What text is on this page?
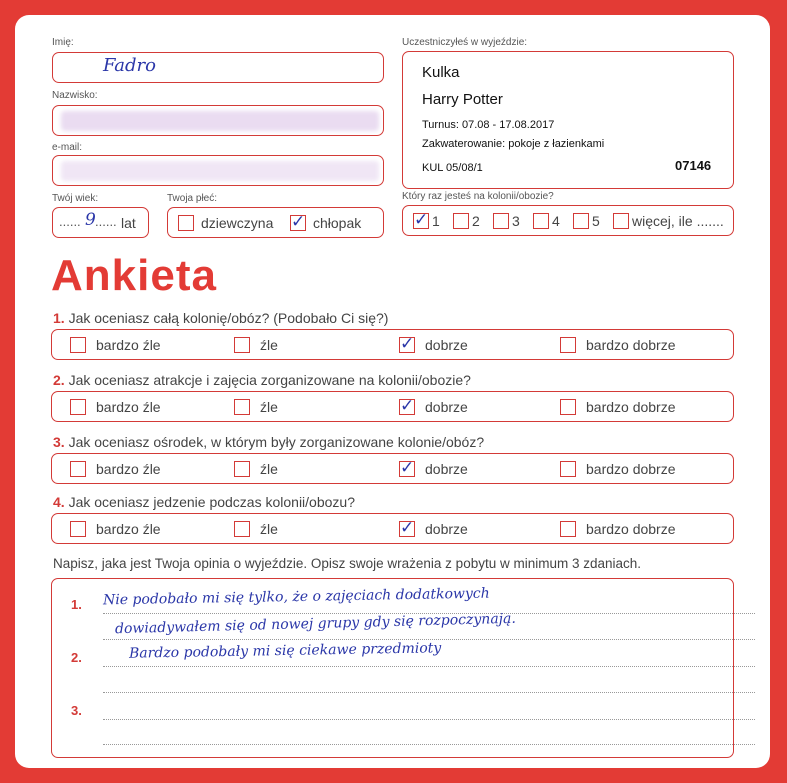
Imię:
Fadro
Nazwisko:
e-mail:
Twój wiek:
...... 9 ...... lat
Twoja płeć:
dziewczyna ✓ chłopak
Uczestniczyłeś w wyjeździe:
Kulka
Harry Potter
Turnus: 07.08 - 17.08.2017
Zakwaterowanie: pokoje z łazienkami
KUL 05/08/1	07146
Który raz jesteś na kolonii/obozie?
✓ 1 2 3 4 5 więcej, ile .......
Ankieta
1. Jak oceniasz całą kolonię/obóz? (Podobało Ci się?)
bardzo źle	źle	✓ dobrze	bardzo dobrze
2. Jak oceniasz atrakcje i zajęcia zorganizowane na kolonii/obozie?
bardzo źle	źle	✓ dobrze	bardzo dobrze
3. Jak oceniasz ośrodek, w którym były zorganizowane kolonie/obóz?
bardzo źle	źle	✓ dobrze	bardzo dobrze
4. Jak oceniasz jedzenie podczas kolonii/obozu?
bardzo źle	źle	✓ dobrze	bardzo dobrze
Napisz, jaka jest Twoja opinia o wyjeździe. Opisz swoje wrażenia z pobytu w minimum 3 zdaniach.
1.
2.
3.
Nie podobało mi się tylko, że o zajęciach dodatkowych
dowiadywałem się od nowej grupy gdy się rozpoczynają.
Bardzo podobały mi się ciekawe przedmioty
